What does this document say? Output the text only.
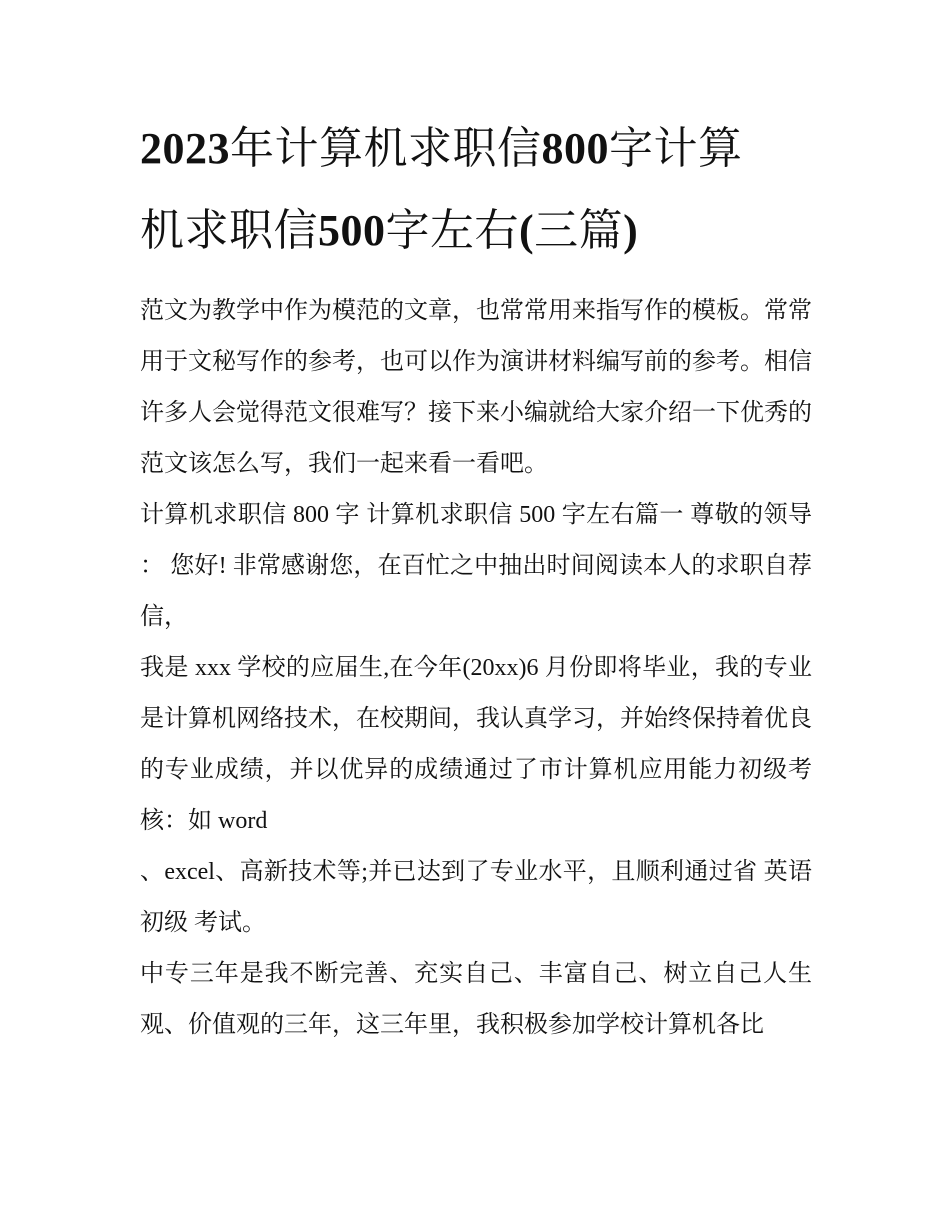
2023年计算机求职信800字计算机求职信500字左右(三篇)

范文为教学中作为模范的文章，也常常用来指写作的模板。常常用于文秘写作的参考，也可以作为演讲材料编写前的参考。相信许多人会觉得范文很难写？接下来小编就给大家介绍一下优秀的范文该怎么写，我们一起来看一看吧。

计算机求职信 800 字 计算机求职信 500 字左右篇一 尊敬的领导 ： 您好! 非常感谢您，在百忙之中抽出时间阅读本人的求职自荐信，

我是 xxx 学校的应届生,在今年(20xx)6 月份即将毕业，我的专业是计算机网络技术，在校期间，我认真学习，并始终保持着优良的专业成绩，并以优异的成绩通过了市计算机应用能力初级考核：如 word

、excel、高新技术等;并已达到了专业水平，且顺利通过省 英语 初级 考试。

中专三年是我不断完善、充实自己、丰富自己、树立自己人生观、价值观的三年，这三年里，我积极参加学校计算机各比
